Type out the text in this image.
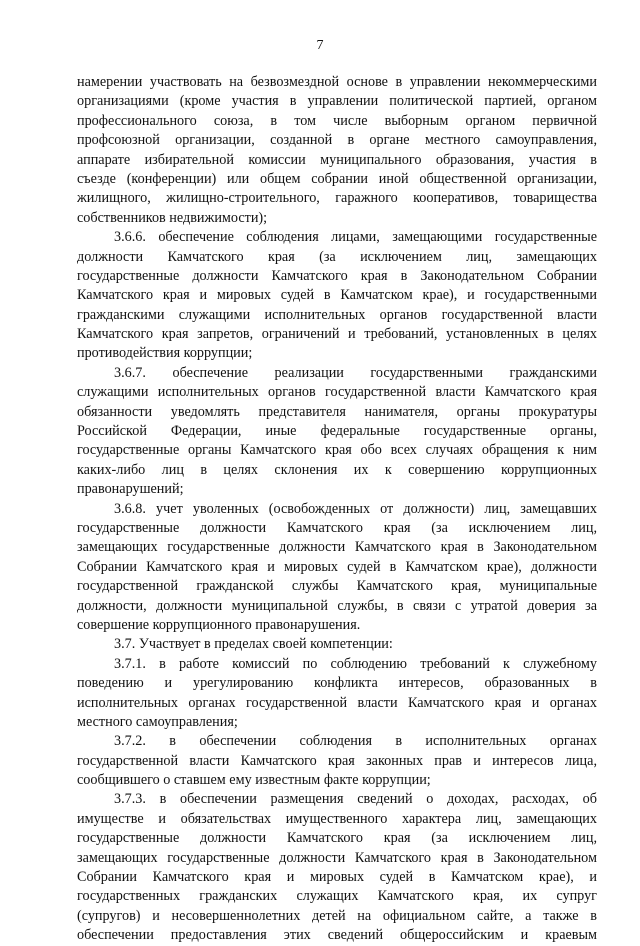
7
намерении участвовать на безвозмездной основе в управлении некоммерческими
организациями (кроме участия в управлении политической партией, органом
профессионального союза, в том числе выборным органом первичной
профсоюзной организации, созданной в органе местного самоуправления,
аппарате избирательной комиссии муниципального образования, участия в
съезде (конференции) или общем собрании иной общественной организации,
жилищного, жилищно-строительного, гаражного кооперативов, товарищества
собственников недвижимости);
3.6.6. обеспечение соблюдения лицами, замещающими государственные
должности Камчатского края (за исключением лиц, замещающих
государственные должности Камчатского края в Законодательном Собрании
Камчатского края и мировых судей в Камчатском крае), и государственными
гражданскими служащими исполнительных органов государственной власти
Камчатского края запретов, ограничений и требований, установленных в целях
противодействия коррупции;
3.6.7. обеспечение реализации государственными гражданскими
служащими исполнительных органов государственной власти Камчатского края
обязанности уведомлять представителя нанимателя, органы прокуратуры
Российской Федерации, иные федеральные государственные органы,
государственные органы Камчатского края обо всех случаях обращения к ним
каких-либо лиц в целях склонения их к совершению коррупционных
правонарушений;
3.6.8. учет уволенных (освобожденных от должности) лиц, замещавших
государственные должности Камчатского края (за исключением лиц,
замещающих государственные должности Камчатского края в Законодательном
Собрании Камчатского края и мировых судей в Камчатском крае), должности
государственной гражданской службы Камчатского края, муниципальные
должности, должности муниципальной службы, в связи с утратой доверия за
совершение коррупционного правонарушения.
3.7. Участвует в пределах своей компетенции:
3.7.1. в работе комиссий по соблюдению требований к служебному
поведению и урегулированию конфликта интересов, образованных в
исполнительных органах государственной власти Камчатского края и органах
местного самоуправления;
3.7.2. в обеспечении соблюдения в исполнительных органах
государственной власти Камчатского края законных прав и интересов лица,
сообщившего о ставшем ему известным факте коррупции;
3.7.3. в обеспечении размещения сведений о доходах, расходах, об
имуществе и обязательствах имущественного характера лиц, замещающих
государственные должности Камчатского края (за исключением лиц,
замещающих государственные должности Камчатского края в Законодательном
Собрании Камчатского края и мировых судей в Камчатском крае), и
государственных гражданских служащих Камчатского края, их супруг
(супругов) и несовершеннолетних детей на официальном сайте, а также в
обеспечении предоставления этих сведений общероссийским и краевым
